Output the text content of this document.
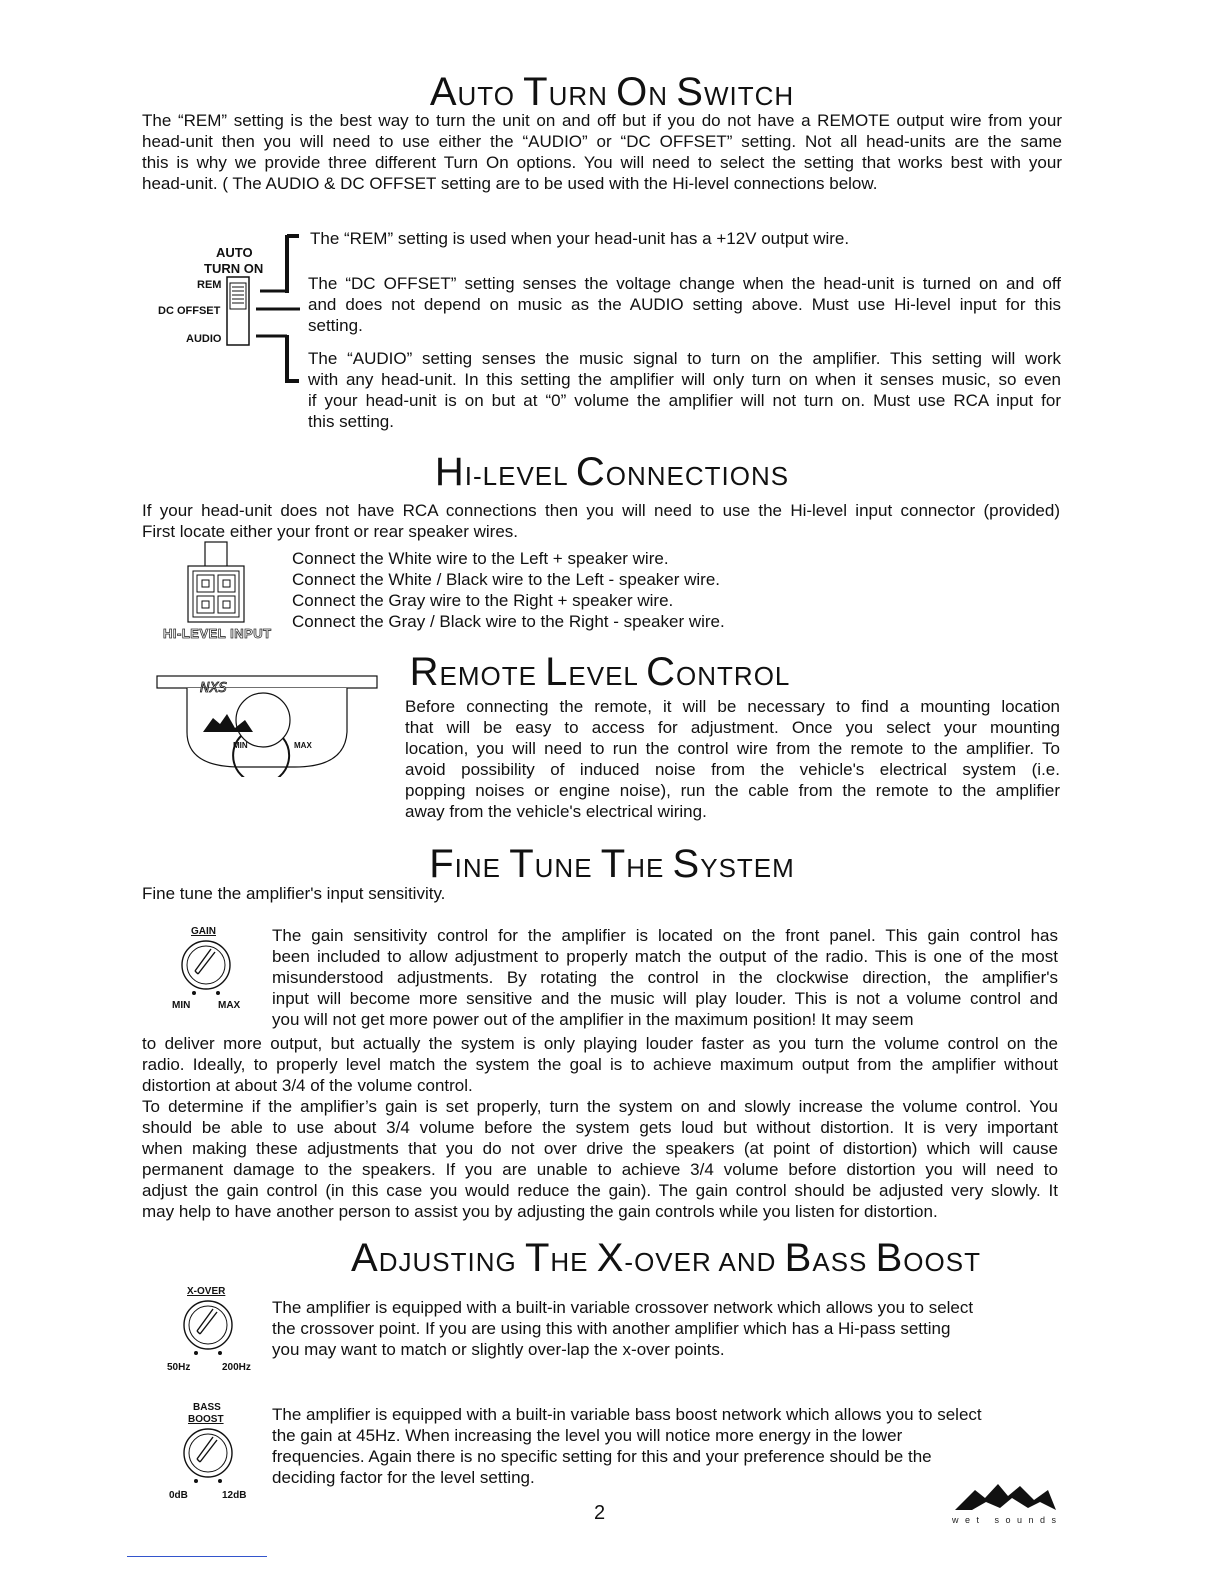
AUTO TURN ON SWITCH

The “REM” setting is the best way to turn the unit on and off but if you do not have a REMOTE output wire from your

head-unit then you will need to use either the “AUDIO” or “DC OFFSET” setting. Not all head-units are the same

this is why we provide three different Turn On options. You will need to select the setting that works best with your

head-unit. ( The AUDIO & DC OFFSET setting are to be used with the Hi-level connections below.

AUTO
TURN ON
REM
DC OFFSET
AUDIO

The “REM” setting is used when your head-unit has a +12V output wire.

The “DC OFFSET” setting senses the voltage change when the head-unit is turned on and off

and does not depend on music as the AUDIO setting above. Must use Hi-level input for this

setting.

The “AUDIO” setting senses the music signal to turn on the amplifier. This setting will work

with any head-unit. In this setting the amplifier will only turn on when it senses music, so even

if your head-unit is on but at “0” volume the amplifier will not turn on. Must use RCA input for

this setting.

HI-LEVEL CONNECTIONS

If your head-unit does not have RCA connections then you will need to use the Hi-level input connector (provided)

First locate either your front or rear speaker wires.

HI-LEVEL INPUT

Connect the White wire to the Left + speaker wire.

Connect the White / Black wire to the Left - speaker wire.

Connect the Gray wire to the Right + speaker wire.

Connect the Gray / Black wire to the Right - speaker wire.

REMOTE LEVEL CONTROL
NXS
MIN	MAX

Before connecting the remote, it will be necessary to find a mounting location

that will be easy to access for adjustment. Once you select your mounting

location, you will need to run the control wire from the remote to the amplifier. To

avoid possibility of induced noise from the vehicle's electrical system (i.e.

popping noises or engine noise), run the cable from the remote to the amplifier

away from the vehicle's electrical wiring.

FINE TUNE THE SYSTEM

Fine tune the amplifier's input sensitivity.

GAIN
MIN	MAX

The gain sensitivity control for the amplifier is located on the front panel. This gain control has

been included to allow adjustment to properly match the output of the radio. This is one of the most

misunderstood adjustments. By rotating the control in the clockwise direction, the amplifier's

input will become more sensitive and the music will play louder. This is not a volume control and

you will not get more power out of the amplifier in the maximum position! It may seem

to deliver more output, but actually the system is only playing louder faster as you turn the volume control on the

radio. Ideally, to properly level match the system the goal is to achieve maximum output from the amplifier without

distortion at about 3/4 of the volume control.

To determine if the amplifier’s gain is set properly, turn the system on and slowly increase the volume control. You

should be able to use about 3/4 volume before the system gets loud but without distortion. It is very important

when making these adjustments that you do not over drive the speakers (at point of distortion) which will cause

permanent damage to the speakers. If you are unable to achieve 3/4 volume before distortion you will need to

adjust the gain control (in this case you would reduce the gain). The gain control should be adjusted very slowly. It

may help to have another person to assist you by adjusting the gain controls while you listen for distortion.

ADJUSTING THE X-OVER AND BASS BOOST
X-OVER
50Hz	200Hz

The amplifier is equipped with a built-in variable crossover network which allows you to select

the crossover point. If you are using this with another amplifier which has a Hi-pass setting

you may want to match or slightly over-lap the x-over points.

BASS
BOOST
0dB	12dB

The amplifier is equipped with a built-in variable bass boost network which allows you to select

the gain at 45Hz. When increasing the level you will notice more energy in the lower

frequencies. Again there is no specific setting for this and your preference should be the

deciding factor for the level setting.

2	wet sounds
